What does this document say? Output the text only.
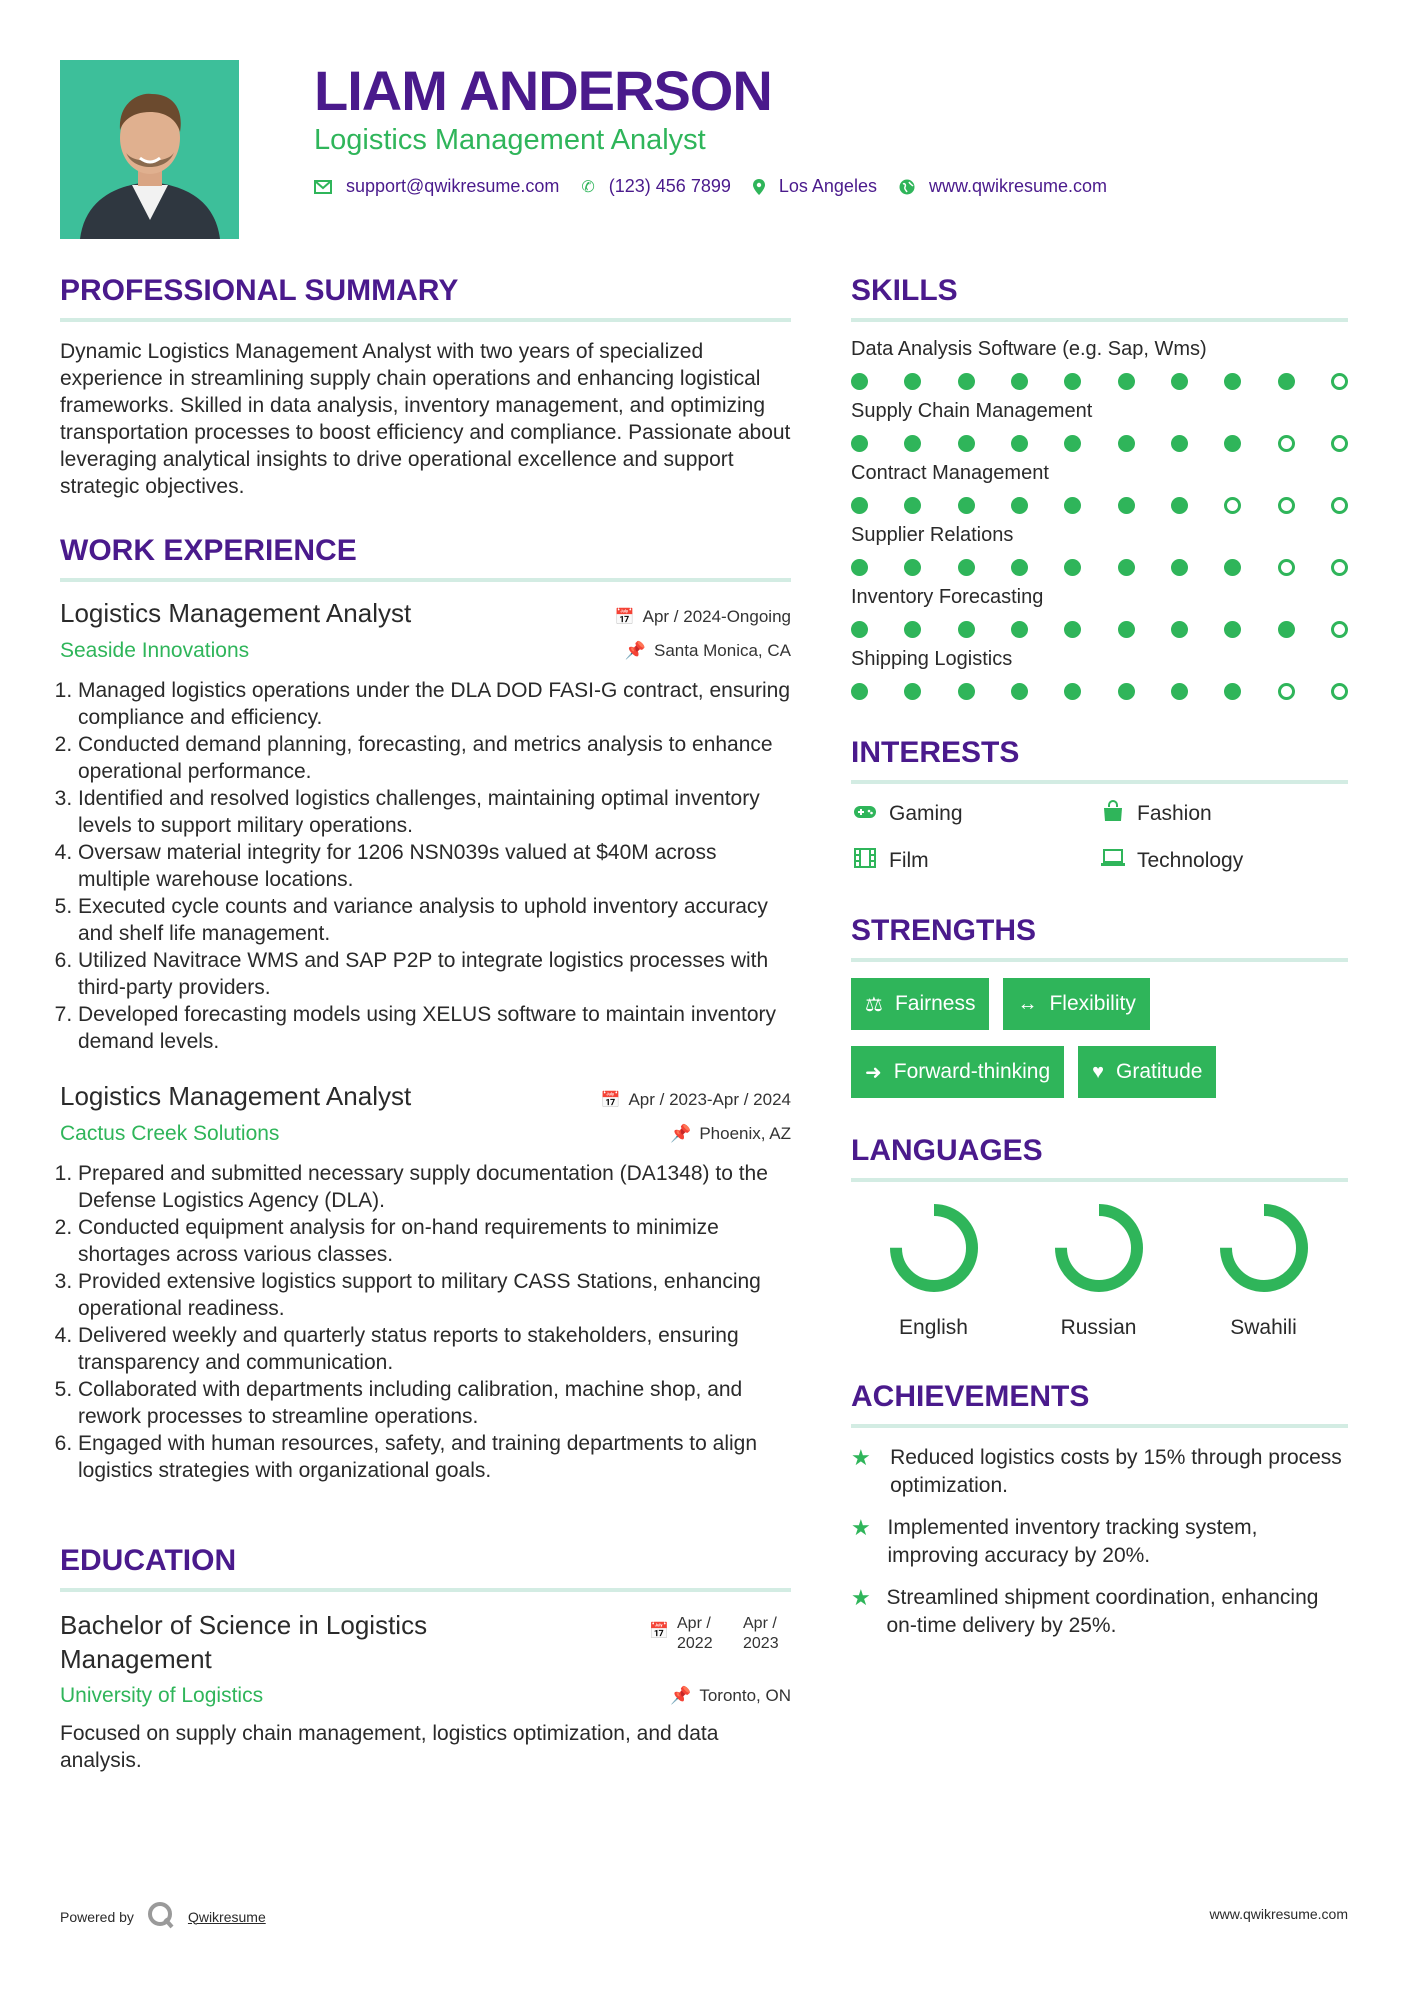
LIAM ANDERSON
Logistics Management Analyst
support@qwikresume.com ✆ (123) 456 7899	Los Angeles	www.qwikresume.com
PROFESSIONAL SUMMARY

Dynamic Logistics Management Analyst with two years of specialized experience in streamlining supply chain operations and enhancing logistical frameworks. Skilled in data analysis, inventory management, and optimizing transportation processes to boost efficiency and compliance. Passionate about leveraging analytical insights to drive operational excellence and support strategic objectives.

WORK EXPERIENCE
Logistics Management Analyst	📅 Apr / 2024-Ongoing
Seaside Innovations	📌 Santa Monica, CA
1. Managed logistics operations under the DLA DOD FASI-G contract, ensuring compliance and efficiency.
2. Conducted demand planning, forecasting, and metrics analysis to enhance operational performance.
3. Identified and resolved logistics challenges, maintaining optimal inventory levels to support military operations.
4. Oversaw material integrity for 1206 NSN039s valued at $40M across multiple warehouse locations.
5. Executed cycle counts and variance analysis to uphold inventory accuracy and shelf life management.
6. Utilized Navitrace WMS and SAP P2P to integrate logistics processes with third-party providers.
7. Developed forecasting models using XELUS software to maintain inventory demand levels.
Logistics Management Analyst	📅 Apr / 2023-Apr / 2024
Cactus Creek Solutions	📌 Phoenix, AZ
1. Prepared and submitted necessary supply documentation (DA1348) to the Defense Logistics Agency (DLA).
2. Conducted equipment analysis for on-hand requirements to minimize shortages across various classes.
3. Provided extensive logistics support to military CASS Stations, enhancing operational readiness.
4. Delivered weekly and quarterly status reports to stakeholders, ensuring transparency and communication.
5. Collaborated with departments including calibration, machine shop, and rework processes to streamline operations.
6. Engaged with human resources, safety, and training departments to align logistics strategies with organizational goals.
EDUCATION
Bachelor of Science in Logistics Management
📅 Apr / 2022
Apr / 2023
University of Logistics	📌 Toronto, ON

Focused on supply chain management, logistics optimization, and data analysis.

SKILLS
Data Analysis Software (e.g. Sap, Wms)
Supply Chain Management
Contract Management
Supplier Relations
Inventory Forecasting
Shipping Logistics
INTERESTS
Gaming	Fashion
Film	Technology
STRENGTHS
⚖ Fairness ↔ Flexibility
➜ Forward-thinking ♥ Gratitude
LANGUAGES
English	Russian	Swahili
ACHIEVEMENTS
★ Reduced logistics costs by 15% through process optimization.
★ Implemented inventory tracking system, improving accuracy by 20%.
★ Streamlined shipment coordination, enhancing on-time delivery by 25%.
Powered by	Qwikresume	www.qwikresume.com
